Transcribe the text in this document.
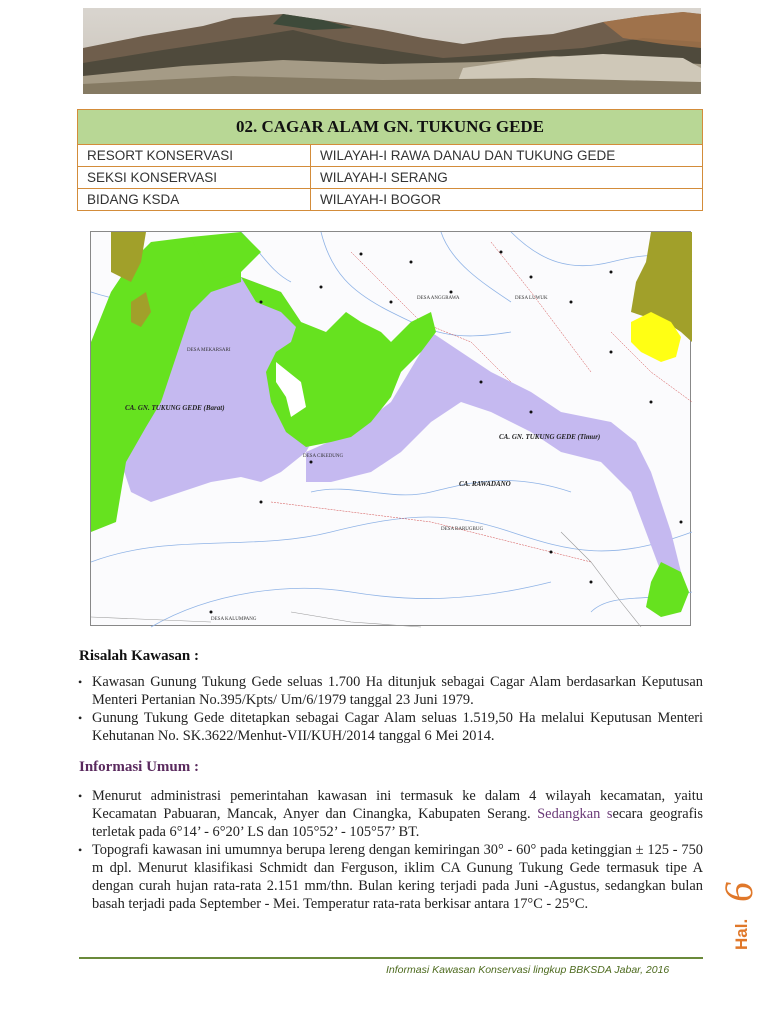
02. CAGAR ALAM GN. TUKUNG GEDE	
RESORT KONSERVASI	WILAYAH-I RAWA DANAU DAN TUKUNG GEDE
SEKSI KONSERVASI	WILAYAH-I SERANG
BIDANG KSDA	WILAYAH-I BOGOR
CA. GN. TUKUNG GEDE (Barat)
CA. GN. TUKUNG GEDE (Timur)
CA. RAWADANO
DESA MEKARSARI
DESA ANGGRAWA	DESA LUWUK
DESA CIKEDUNG
DESA BARUGBUG
DESA KALUMPANG
Risalah Kawasan :
• Kawasan Gunung Tukung Gede seluas 1.700 Ha ditunjuk sebagai Cagar Alam berdasarkan Keputusan Menteri Pertanian No.395/Kpts/ Um/6/1979 tanggal 23 Juni 1979.
• Gunung Tukung Gede ditetapkan sebagai Cagar Alam seluas 1.519,50 Ha melalui Keputusan Menteri Kehutanan No. SK.3622/Menhut-VII/KUH/2014 tanggal 6 Mei 2014.
Informasi Umum :
• Menurut administrasi pemerintahan kawasan ini termasuk ke dalam 4 wilayah kecamatan, yaitu Kecamatan Pabuaran, Mancak, Anyer dan Cinangka, Kabupaten Serang. Sedangkan secara geografis terletak pada 6°14’ - 6°20’ LS dan 105°52’ - 105°57’ BT.
• Topografi kawasan ini umumnya berupa lereng dengan kemiringan 30° - 60° pada ketinggian ± 125 - 750 m dpl. Menurut klasifikasi Schmidt dan Ferguson, iklim CA Gunung Tukung Gede termasuk tipe A dengan curah hujan rata-rata 2.151 mm/thn. Bulan kering terjadi pada Juni -Agustus, sedangkan bulan basah terjadi pada September - Mei. Temperatur rata-rata berkisar antara 17°C - 25°C.
Hal.
6
Informasi Kawasan Konservasi lingkup BBKSDA Jabar, 2016
